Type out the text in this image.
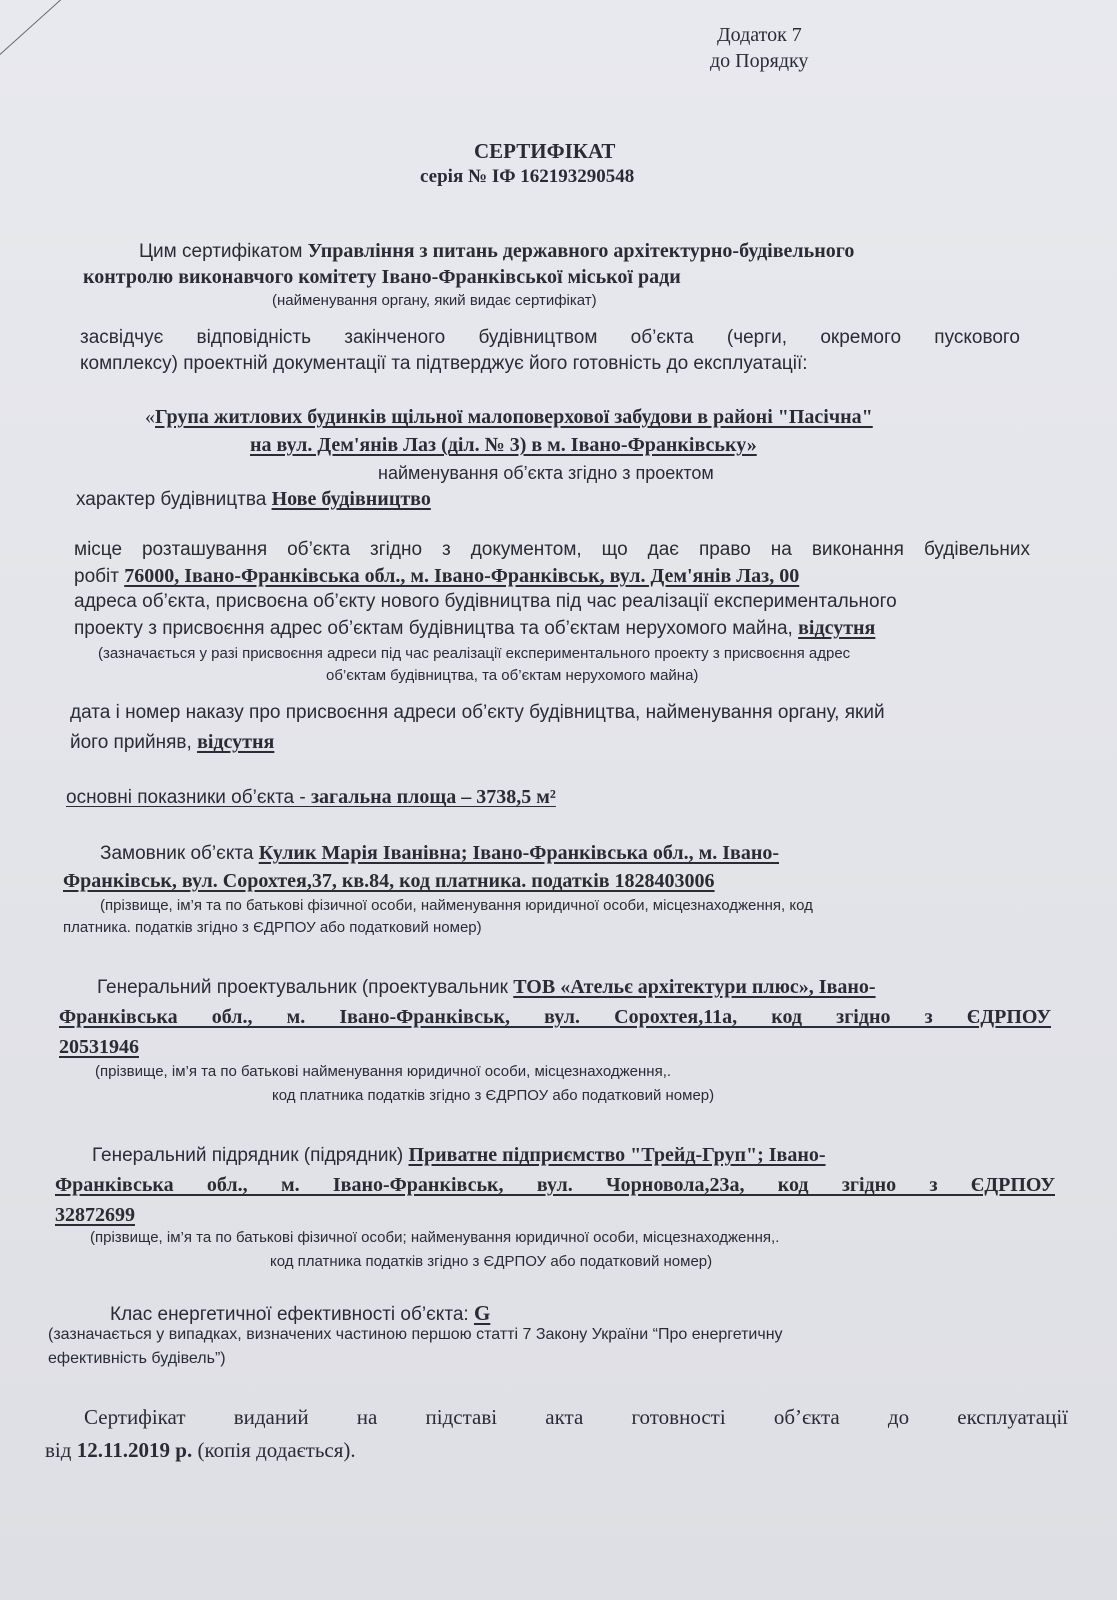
Додаток 7
до Порядку
СЕРТИФІКАТ
серія № ІФ 162193290548
Цим сертифікатом Управління з питань державного архітектурно-будівельного
контролю виконавчого комітету Івано-Франківської міської ради
(найменування органу, який видає сертифікат)
засвідчує відповідність закінченого будівництвом об’єкта (черги, окремого пускового
комплексу) проектній документації та підтверджує його готовність до експлуатації:
«Група житлових будинків щільної малоповерхової забудови в районі "Пасічна"
на вул. Дем'янів Лаз (діл. № 3) в м. Івано-Франківську»
найменування об’єкта згідно з проектом
характер будівництва Нове будівництво
місце розташування об’єкта згідно з документом, що дає право на виконання будівельних
робіт 76000, Івано-Франківська обл., м. Івано-Франківськ, вул. Дем'янів Лаз, 00
адреса об’єкта, присвоєна об’єкту нового будівництва під час реалізації експериментального
проекту з присвоєння адрес об’єктам будівництва та об’єктам нерухомого майна, відсутня
(зазначається у разі присвоєння адреси під час реалізації експериментального проекту з присвоєння адрес
об’єктам будівництва, та об’єктам нерухомого майна)
дата і номер наказу про присвоєння адреси об’єкту будівництва, найменування органу, який
його прийняв, відсутня
основні показники об’єкта - загальна площа – 3738,5 м²
Замовник об’єкта Кулик Марія Іванівна; Івано-Франківська обл., м. Івано-
Франківськ, вул. Сорохтея,37, кв.84, код платника. податків 1828403006
(прізвище, ім’я та по батькові фізичної особи, найменування юридичної особи, місцезнаходження, код
платника. податків згідно з ЄДРПОУ або податковий номер)
Генеральний проектувальник (проектувальник ТОВ «Ательє архітектури плюс», Івано-
Франківська обл., м. Івано-Франківськ, вул. Сорохтея,11а, код згідно з ЄДРПОУ
20531946
(прізвище, ім’я та по батькові найменування юридичної особи, місцезнаходження,.
код платника податків згідно з ЄДРПОУ або податковий номер)
Генеральний підрядник (підрядник) Приватне підприємство "Трейд-Груп"; Івано-
Франківська обл., м. Івано-Франківськ, вул. Чорновола,23а, код згідно з ЄДРПОУ
32872699
(прізвище, ім’я та по батькові фізичної особи; найменування юридичної особи, місцезнаходження,.
код платника податків згідно з ЄДРПОУ або податковий номер)
Клас енергетичної ефективності об’єкта: G
(зазначається у випадках, визначених частиною першою статті 7 Закону України “Про енергетичну
ефективність будівель”)
Сертифікат виданий на підставі акта готовності об’єкта до експлуатації
від 12.11.2019 р. (копія додається).
